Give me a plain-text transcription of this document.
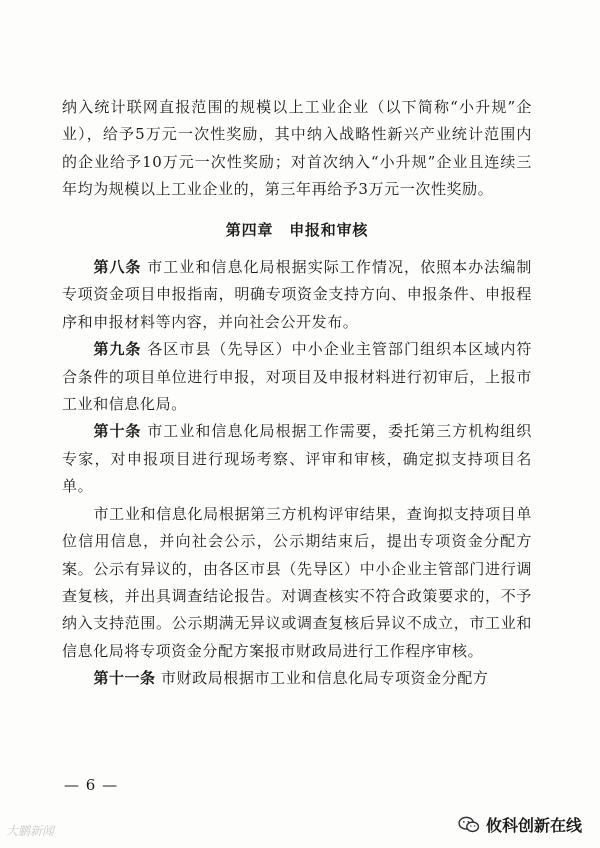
纳入统计联网直报范围的规模以上工业企业（以下简称“小升规”企业），给予5万元一次性奖励，其中纳入战略性新兴产业统计范围内的企业给予10万元一次性奖励；对首次纳入“小升规”企业且连续三年均为规模以上工业企业的，第三年再给予3万元一次性奖励。

第四章 申报和审核

第八条 市工业和信息化局根据实际工作情况，依照本办法编制专项资金项目申报指南，明确专项资金支持方向、申报条件、申报程序和申报材料等内容，并向社会公开发布。

第九条 各区市县（先导区）中小企业主管部门组织本区域内符合条件的项目单位进行申报，对项目及申报材料进行初审后，上报市工业和信息化局。

第十条 市工业和信息化局根据工作需要，委托第三方机构组织专家，对申报项目进行现场考察、评审和审核，确定拟支持项目名单。

市工业和信息化局根据第三方机构评审结果，查询拟支持项目单位信用信息，并向社会公示，公示期结束后，提出专项资金分配方案。公示有异议的，由各区市县（先导区）中小企业主管部门进行调查复核，并出具调查结论报告。对调查核实不符合政策要求的，不予纳入支持范围。公示期满无异议或调查复核后异议不成立，市工业和信息化局将专项资金分配方案报市财政局进行工作程序审核。

第十一条 市财政局根据市工业和信息化局专项资金分配方

— 6 —
大鹏新闻	攸科创新在线
